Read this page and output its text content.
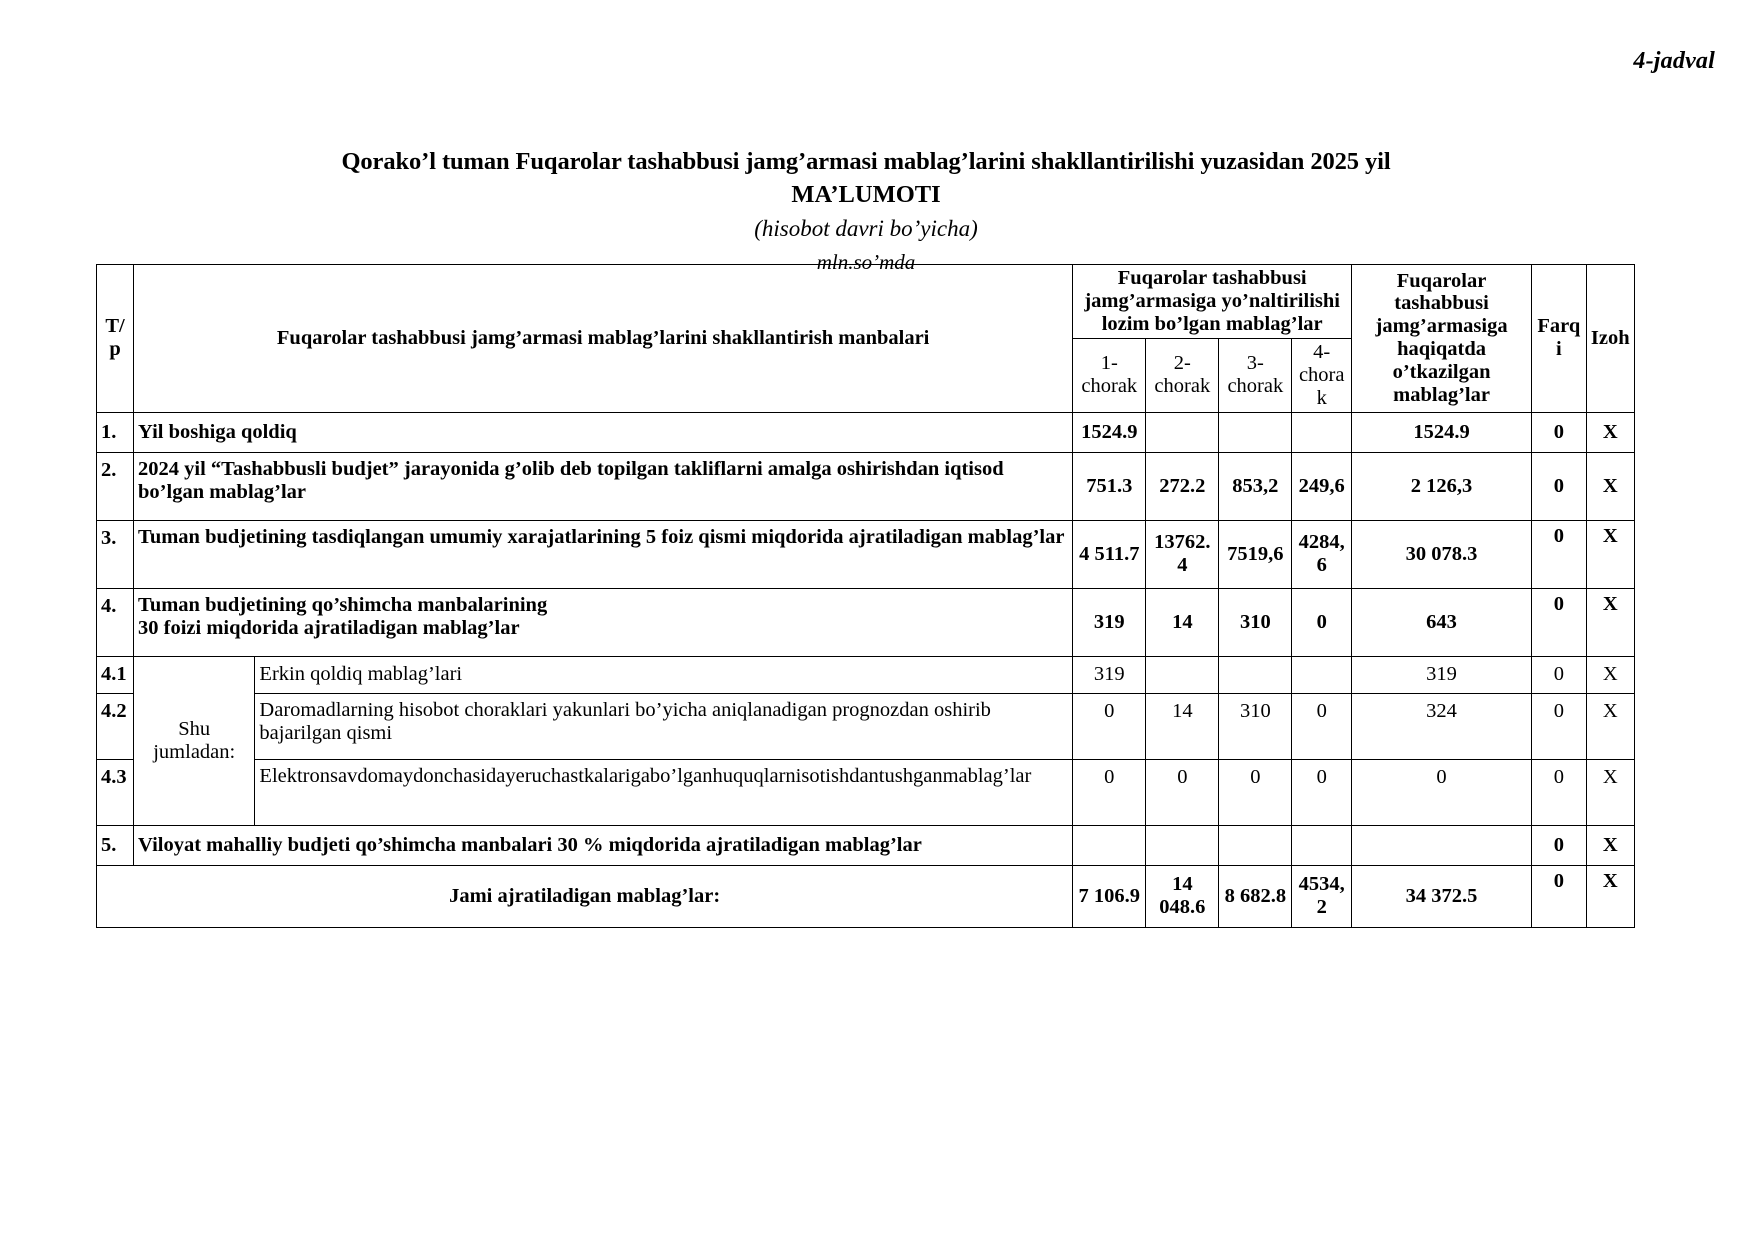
4-jadval
Qorako’l tuman Fuqarolar tashabbusi jamg’armasi mablag’larini shakllantirilishi yuzasidan 2025 yil
MA’LUMOTI
(hisobot davri bo’yicha)
mln.so’mda
T/p	Fuqarolar tashabbusi jamg’armasi mablag’larini shakllantirish manbalari		Fuqarolar tashabbusi jamg’armasiga yo’naltirilishi lozim bo’lgan mablag’lar				Fuqarolar tashabbusi jamg’armasiga haqiqatda o’tkazilgan mablag’lar	Farqi	Izoh
			1-chorak	2-chorak	3-chorak	4-chorak			
1.	Yil boshiga qoldiq		1524.9				1524.9	0	X
2.	2024 yil “Tashabbusli budjet” jarayonida g’olib deb topilgan takliflarni amalga oshirishdan iqtisod bo’lgan mablag’lar		751.3	272.2	853,2	249,6	2 126,3	0	X
3.	Tuman budjetining tasdiqlangan umumiy xarajatlarining 5 foiz qismi miqdorida ajratiladigan mablag’lar		4 511.7	13762.4	7519,6	4284,6	30 078.3	0	X
4.	Tuman budjetining qo’shimcha manbalarining
30 foizi miqdorida ajratiladigan mablag’lar		319	14	310	0	643	0	X
4.1	Shu jumladan:	Erkin qoldiq mablag’lari	319				319	0	X
4.2		Daromadlarning hisobot choraklari yakunlari bo’yicha aniqlanadigan prognozdan oshirib bajarilgan qismi	0	14	310	0	324	0	X
4.3		Elektronsavdomaydonchasidayeruchastkalarigabo’lganhuquqlarnisotishdantushganmablag’lar	0	0	0	0	0	0	X
5.	Viloyat mahalliy budjeti qo’shimcha manbalari 30 % miqdorida ajratiladigan mablag’lar							0	X
Jami ajratiladigan mablag’lar:			7 106.9	14 048.6	8 682.8	4534,2	34 372.5	0	X
